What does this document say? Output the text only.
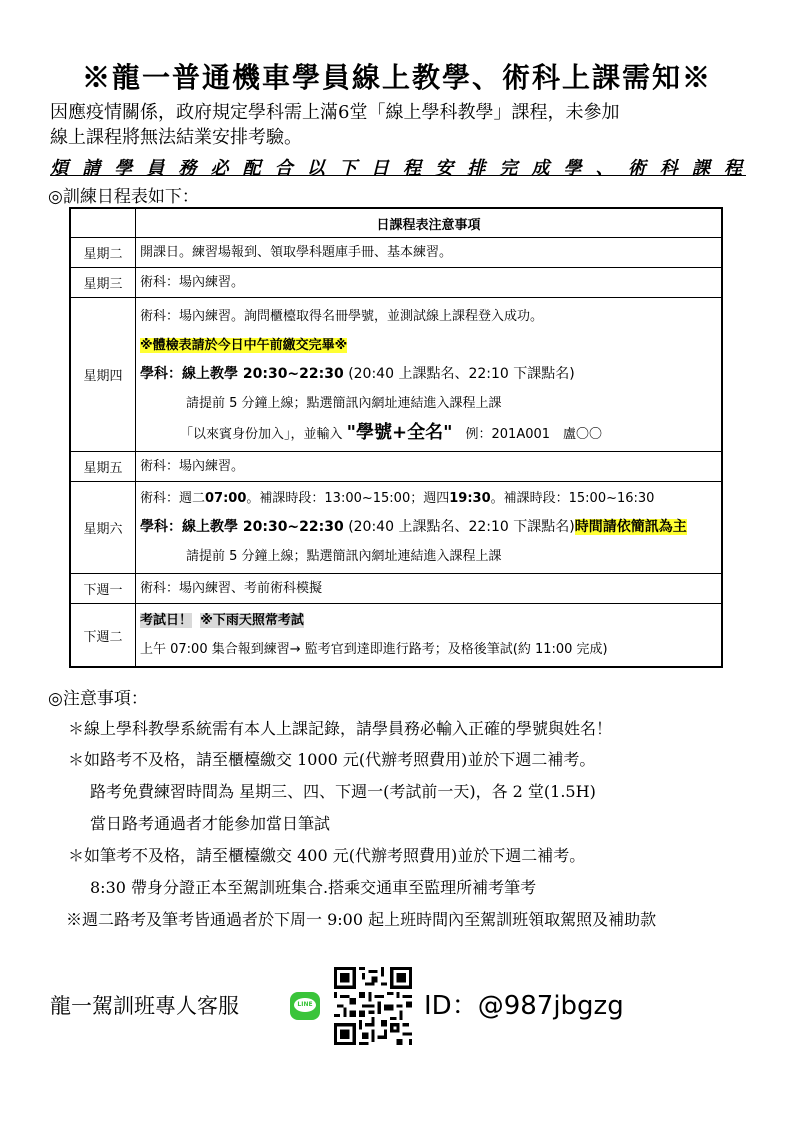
※龍一普通機車學員線上教學、術科上課需知※
因應疫情關係，政府規定學科需上滿6堂「線上學科教學」課程，未參加
線上課程將無法結業安排考驗。
煩請學員務必配合以下日程安排完成學、術科課程
◎訓練日程表如下：
	日課程表注意事項
星期二	開課日。練習場報到、領取學科題庫手冊、基本練習。

星期三	術科：場內練習。

星期四	術科：場內練習。詢問櫃檯取得名冊學號，並測試線上課程登入成功。
※體檢表請於今日中午前繳交完畢※
學科：線上教學 20:30~22:30 (20:40 上課點名、22:10 下課點名)
請提前 5 分鐘上線；點選簡訊內網址連結進入課程上課
「以來賓身份加入」，並輸入 "學號+全名"　 例：201A001　盧〇〇

星期五	術科：場內練習。

星期六	術科：週二07:00。補課時段：13:00~15:00；週四19:30。補課時段：15:00~16:30
學科：線上教學 20:30~22:30 (20:40 上課點名、22:10 下課點名)時間請依簡訊為主
請提前 5 分鐘上線；點選簡訊內網址連結進入課程上課

下週一	術科：場內練習、考前術科模擬

下週二	考試日！ ※下雨天照常考試
上午 07:00 集合報到練習→ 監考官到達即進行路考；及格後筆試(約 11:00 完成)
◎注意事項：
＊線上學科教學系統需有本人上課記錄，請學員務必輸入正確的學號與姓名！
＊如路考不及格，請至櫃檯繳交 1000 元(代辦考照費用)並於下週二補考。
路考免費練習時間為 星期三、四、下週一(考試前一天)，各 2 堂(1.5H)
當日路考通過者才能參加當日筆試
＊如筆考不及格，請至櫃檯繳交 400 元(代辦考照費用)並於下週二補考。
8:30 帶身分證正本至駕訓班集合.搭乘交通車至監理所補考筆考
※週二路考及筆考皆通過者於下周一 9:00 起上班時間內至駕訓班領取駕照及補助款
龍一駕訓班專人客服	LINE	ID：@987jbgzg
